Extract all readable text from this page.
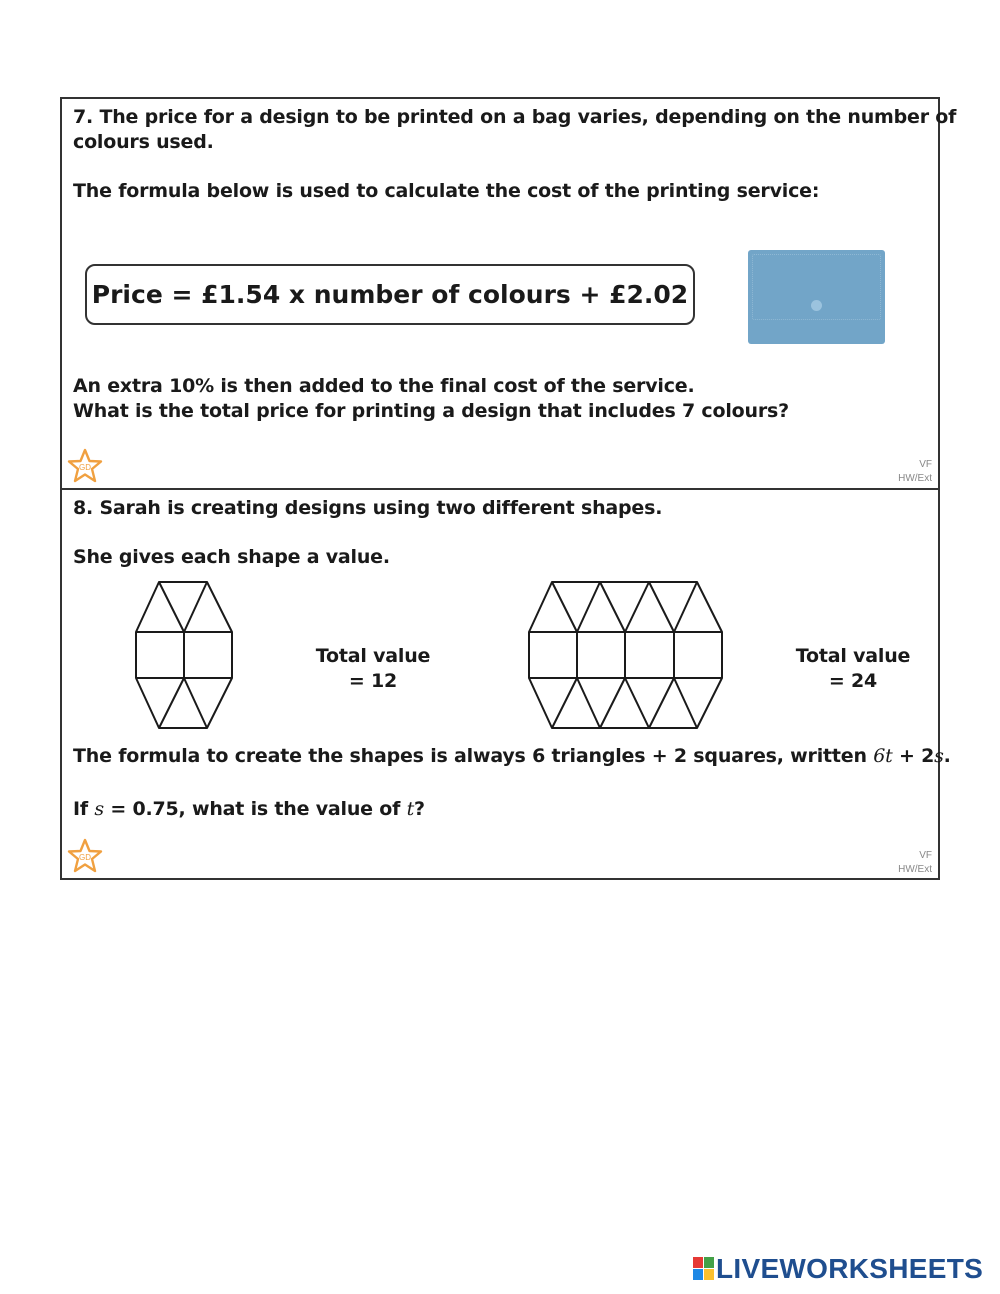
7. The price for a design to be printed on a bag varies, depending on the number of
colours used.
The formula below is used to calculate the cost of the printing service:
Price = £1.54 x number of colours + £2.02
An extra 10% is then added to the final cost of the service.
What is the total price for printing a design that includes 7 colours?
GD	VF
HW/Ext
8. Sarah is creating designs using two different shapes.
She gives each shape a value.
Total value
= 12
Total value
= 24
The formula to create the shapes is always 6 triangles + 2 squares, written 6t + 2s.
If s = 0.75, what is the value of t?
GD	VF
HW/Ext
LIVEWORKSHEETS
